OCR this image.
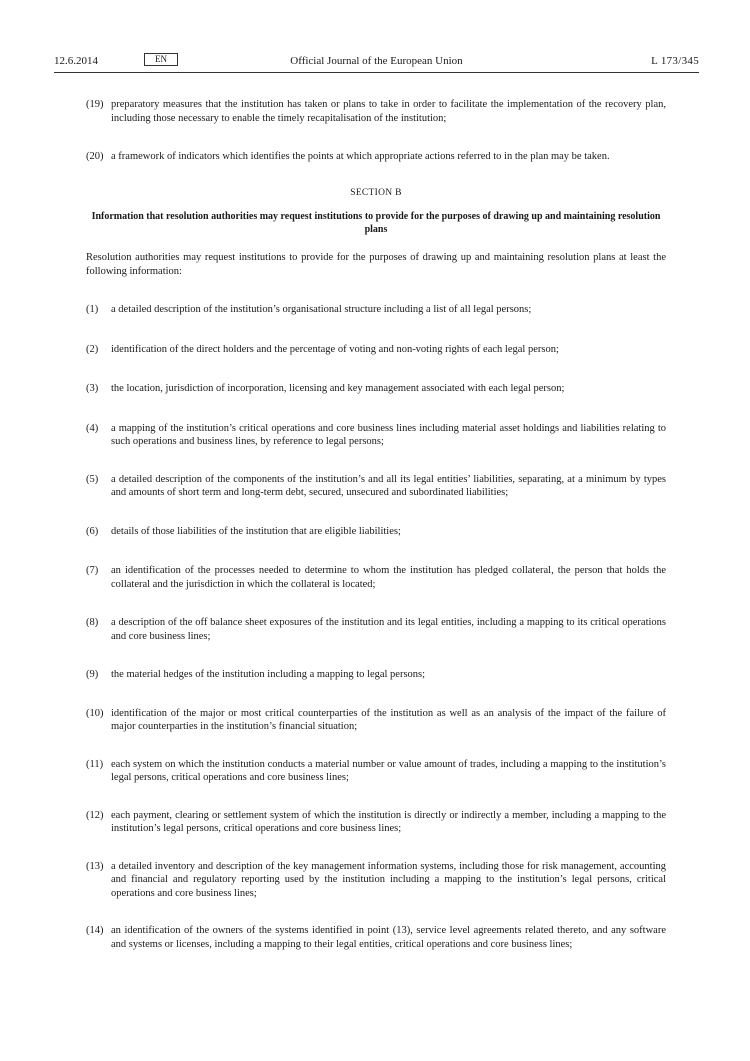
12.6.2014	EN	Official Journal of the European Union	L 173/345
(19) preparatory measures that the institution has taken or plans to take in order to facilitate the implementation of the recovery plan, including those necessary to enable the timely recapitalisation of the institution;
(20) a framework of indicators which identifies the points at which appropriate actions referred to in the plan may be taken.
SECTION B
Information that resolution authorities may request institutions to provide for the purposes of drawing up and maintaining resolution plans
Resolution authorities may request institutions to provide for the purposes of drawing up and maintaining resolution plans at least the following information:
(1) a detailed description of the institution’s organisational structure including a list of all legal persons;
(2) identification of the direct holders and the percentage of voting and non-voting rights of each legal person;
(3) the location, jurisdiction of incorporation, licensing and key management associated with each legal person;
(4) a mapping of the institution’s critical operations and core business lines including material asset holdings and liabilities relating to such operations and business lines, by reference to legal persons;
(5) a detailed description of the components of the institution’s and all its legal entities’ liabilities, separating, at a minimum by types and amounts of short term and long-term debt, secured, unsecured and subordinated liabilities;
(6) details of those liabilities of the institution that are eligible liabilities;
(7) an identification of the processes needed to determine to whom the institution has pledged collateral, the person that holds the collateral and the jurisdiction in which the collateral is located;
(8) a description of the off balance sheet exposures of the institution and its legal entities, including a mapping to its critical operations and core business lines;
(9) the material hedges of the institution including a mapping to legal persons;
(10) identification of the major or most critical counterparties of the institution as well as an analysis of the impact of the failure of major counterparties in the institution’s financial situation;
(11) each system on which the institution conducts a material number or value amount of trades, including a mapping to the institution’s legal persons, critical operations and core business lines;
(12) each payment, clearing or settlement system of which the institution is directly or indirectly a member, including a mapping to the institution’s legal persons, critical operations and core business lines;
(13) a detailed inventory and description of the key management information systems, including those for risk management, accounting and financial and regulatory reporting used by the institution including a mapping to the institution’s legal persons, critical operations and core business lines;
(14) an identification of the owners of the systems identified in point (13), service level agreements related thereto, and any software and systems or licenses, including a mapping to their legal entities, critical operations and core business lines;
